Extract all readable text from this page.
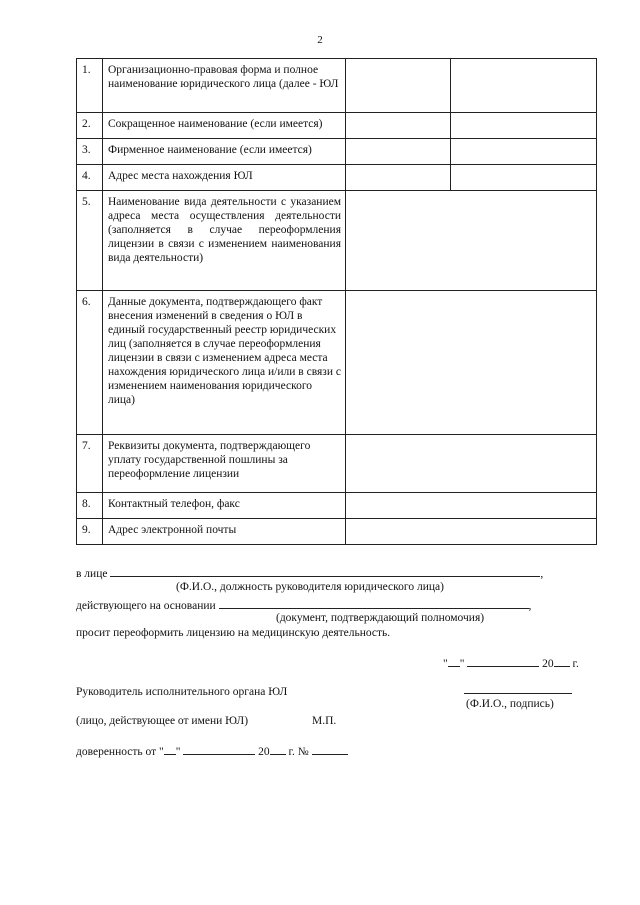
2
1.	Организационно-правовая форма и полное наименование юридического лица (далее - ЮЛ		
2.	Сокращенное наименование (если имеется)		
3.	Фирменное наименование (если имеется)		
4.	Адрес места нахождения ЮЛ		
5.	Наименование вида деятельности с указанием адреса места осуществления деятельности (заполняется в случае переоформления лицензии в связи с изменением наименования вида деятельности)		
6.	Данные документа, подтверждающего факт внесения изменений в сведения о ЮЛ в единый государственный реестр юридических лиц (заполняется в случае переоформления лицензии в связи с изменением адреса места нахождения юридического лица и/или в связи с изменением наименования юридического лица)		
7.	Реквизиты документа, подтверждающего уплату государственной пошлины за переоформление лицензии		
8.	Контактный телефон, факс		
9.	Адрес электронной почты		
в лице	,
(Ф.И.О., должность руководителя юридического лица)
действующего на основании	,
(документ, подтверждающий полномочия)
просит переоформить лицензию на медицинскую деятельность.
" "	20 г.
Руководитель исполнительного органа ЮЛ
(Ф.И.О., подпись)
(лицо, действующее от имени ЮЛ)	М.П.
доверенность от " "	20 г. №
